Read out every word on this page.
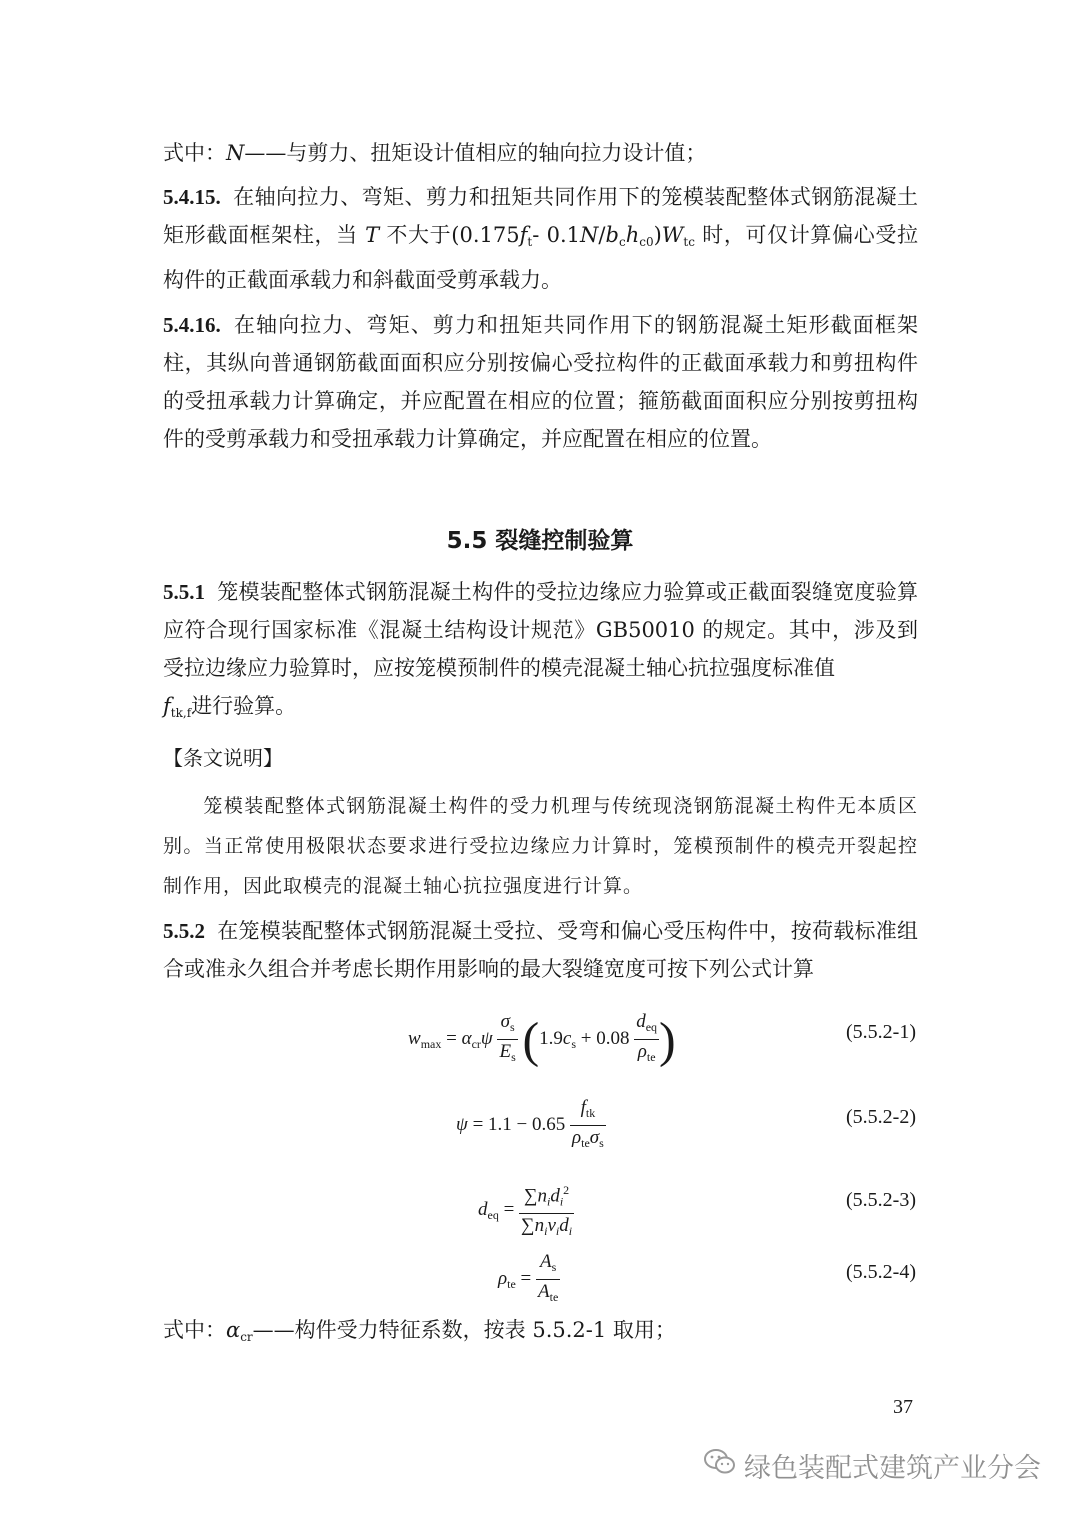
式中：N——与剪力、扭矩设计值相应的轴向拉力设计值；
5.4.15. 在轴向拉力、弯矩、剪力和扭矩共同作用下的笼模装配整体式钢筋混凝土矩形截面框架柱，当 T 不大于($0.175f_t-$ $0.1N/b_ch_{c0})W_{tc}$ 时，可仅计算偏心受拉构件的正截面承载力和斜截面受剪承载力。
5.4.16. 在轴向拉力、弯矩、剪力和扭矩共同作用下的钢筋混凝土矩形截面框架柱，其纵向普通钢筋截面面积应分别按偏心受拉构件的正截面承载力和剪扭构件的受扭承载力计算确定，并应配置在相应的位置；箍筋截面面积应分别按剪扭构件的受剪承载力和受扭承载力计算确定，并应配置在相应的位置。
5.5 裂缝控制验算
5.5.1 笼模装配整体式钢筋混凝土构件的受拉边缘应力验算或正截面裂缝宽度验算应符合现行国家标准《混凝土结构设计规范》GB50010 的规定。其中，涉及到受拉边缘应力验算时，应按笼模预制件的模壳混凝土轴心抗拉强度标准值
$f_{tk,f}$进行验算。
【条文说明】
笼模装配整体式钢筋混凝土构件的受力机理与传统现浇钢筋混凝土构件无本质区别。当正常使用极限状态要求进行受拉边缘应力计算时，笼模预制件的模壳开裂起控制作用，因此取模壳的混凝土轴心抗拉强度进行计算。
5.5.2 在笼模装配整体式钢筋混凝土受拉、受弯和偏心受压构件中，按荷载标准组合或准永久组合并考虑长期作用影响的最大裂缝宽度可按下列公式计算
$w_{max} = \alpha_{cr}\psi \frac{\sigma_s}{E_s} (1.9c_s + 0.08 \frac{d_{eq}}{\rho_{te}}$ )	(5.5.2-1)
$\psi = 1.1 - 0.65 \frac{f_{tk}}{\rho_{te}\sigma_s}$	(5.5.2-2)
$d_{eq} = \frac{\sum n_id_i^2}{\sum n_iv_id_i}$	(5.5.2-3)
$\rho_{te} = \frac{A_s}{A_{te}}$	(5.5.2-4)
式中：$\alpha_{cr}——$构件受力特征系数，按表 5.5.2-1 取用；
37
绿色装配式建筑产业分会
